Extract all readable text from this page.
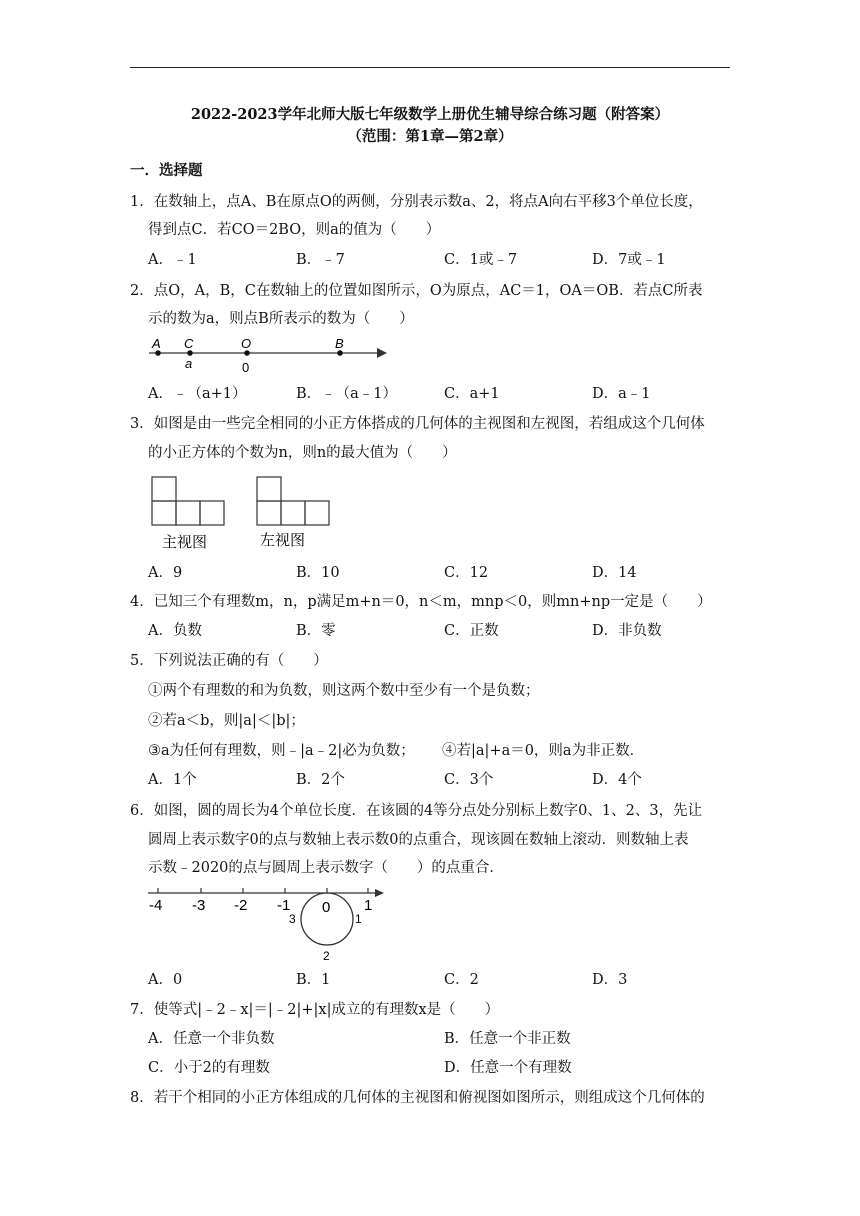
2022-2023学年北师大版七年级数学上册优生辅导综合练习题（附答案）
（范围：第1章—第2章）
一．选择题
1．在数轴上，点A、B在原点O的两侧，分别表示数a、2，将点A向右平移3个单位长度，
得到点C．若CO＝2BO，则a的值为（　　）
A．﹣1	B．﹣7	C．1或﹣7	D．7或﹣1
2．点O，A，B，C在数轴上的位置如图所示，O为原点，AC＝1，OA＝OB．若点C所表
示的数为a，则点B所表示的数为（　　）
A C	O	B
a	0
A．﹣（a+1）	B．﹣（a﹣1）	C．a+1	D．a﹣1
3．如图是由一些完全相同的小正方体搭成的几何体的主视图和左视图，若组成这个几何体
的小正方体的个数为n，则n的最大值为（　　）
主视图	左视图
A．9	B．10	C．12	D．14
4．已知三个有理数m，n，p满足m+n＝0，n＜m，mnp＜0，则mn+np一定是（　　）
A．负数	B．零	C．正数	D．非负数
5．下列说法正确的有（　　）
①两个有理数的和为负数，则这两个数中至少有一个是负数；
②若a＜b，则|a|＜|b|；
③a为任何有理数，则﹣|a﹣2|必为负数； ④若|a|+a＝0，则a为非正数．
A．1个	B．2个	C．3个	D．4个
6．如图，圆的周长为4个单位长度．在该圆的4等分点处分别标上数字0、1、2、3，先让
圆周上表示数字0的点与数轴上表示数0的点重合，现该圆在数轴上滚动．则数轴上表
示数﹣2020的点与圆周上表示数字（　　）的点重合．
-4 -3 -2 -1 0 1
3	1
2
A．0	B．1	C．2	D．3
7．使等式|﹣2﹣x|＝|﹣2|+|x|成立的有理数x是（　　）
A．任意一个非负数	B．任意一个非正数
C．小于2的有理数	D．任意一个有理数
8．若干个相同的小正方体组成的几何体的主视图和俯视图如图所示，则组成这个几何体的
